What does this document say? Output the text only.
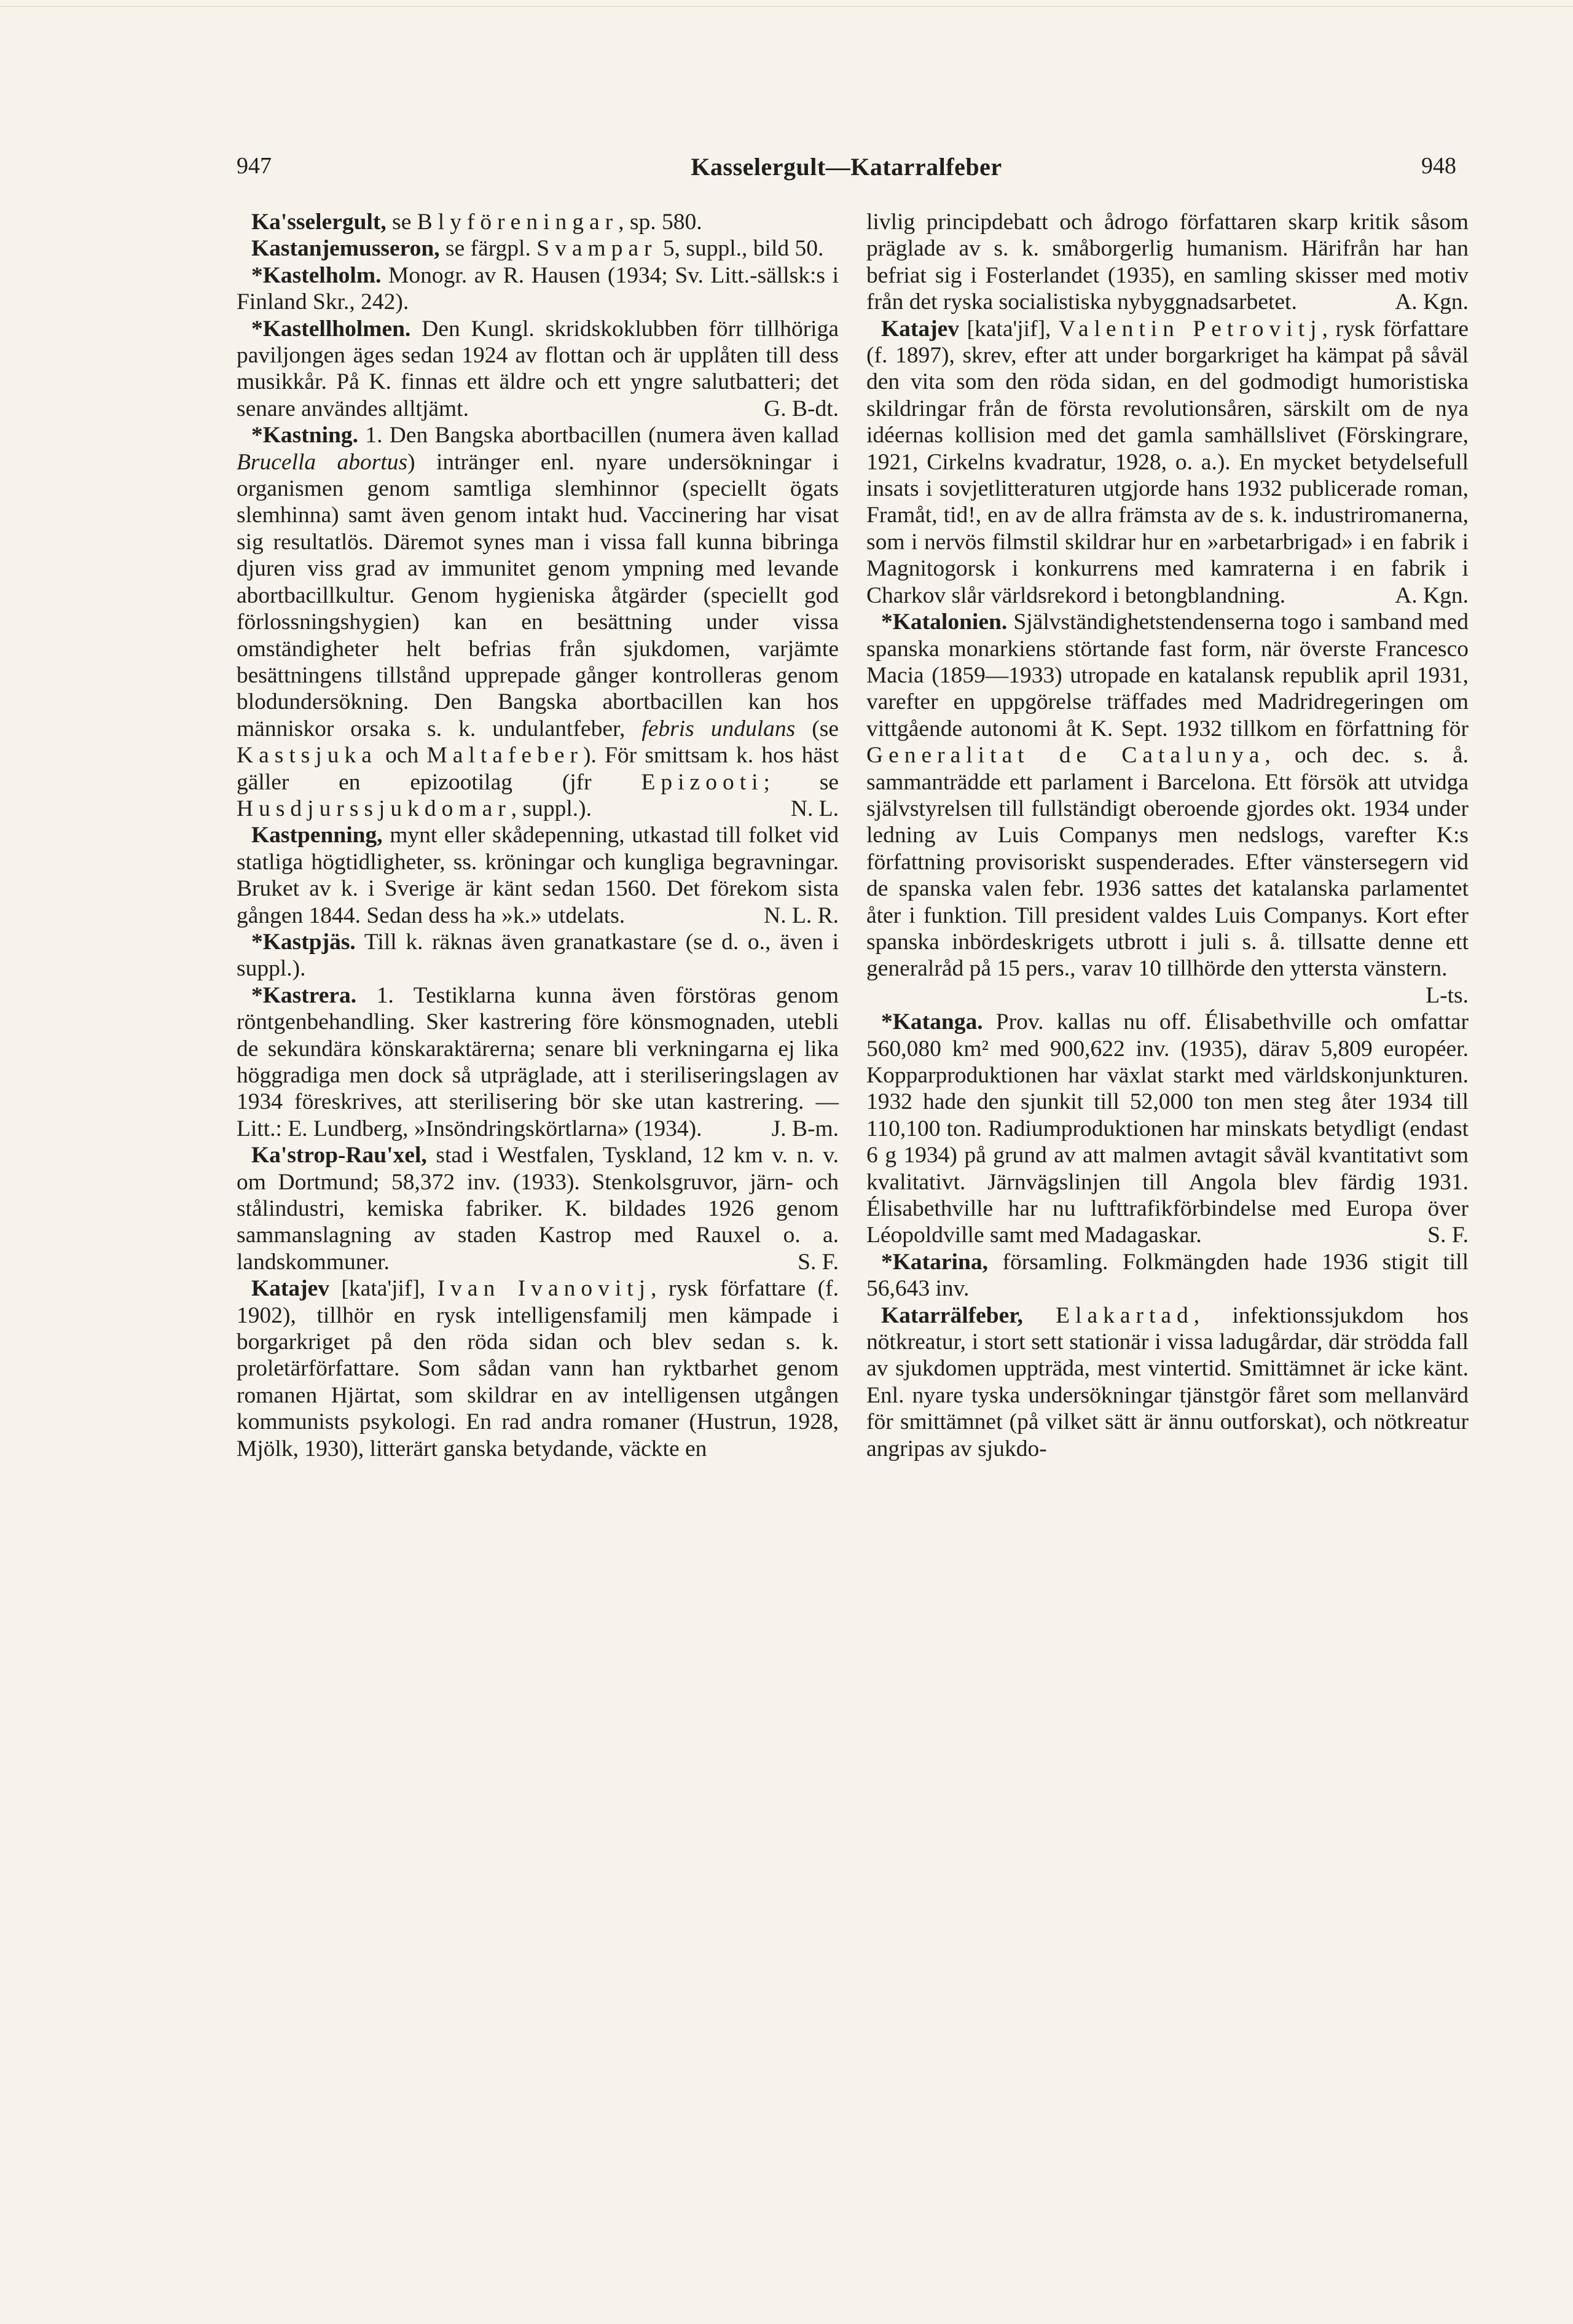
947	Kasselergult—Katarralfeber	948

Ka'sselergult, se Blyföreningar, sp. 580.

Kastanjemusseron, se färgpl. Svampar 5, suppl., bild 50.

*Kastelholm. Monogr. av R. Hausen (1934; Sv. Litt.-sällsk:s i Finland Skr., 242).

*Kastellholmen. Den Kungl. skridskoklubben förr tillhöriga paviljongen äges sedan 1924 av flottan och är upplåten till dess musikkår. På K. finnas ett äldre och ett yngre salutbatteri; det senare användes alltjämt.	G. B-dt.

*Kastning. 1. Den Bangska abortbacillen (numera även kallad Brucella abortus) intränger enl. nyare undersökningar i organismen genom samtliga slemhinnor (speciellt ögats slemhinna) samt även genom intakt hud. Vaccinering har visat sig resultatlös. Däremot synes man i vissa fall kunna bibringa djuren viss grad av immunitet genom ympning med levande abortbacillkultur. Genom hygieniska åtgärder (speciellt god förlossningshygien) kan en besättning under vissa omständigheter helt befrias från sjukdomen, varjämte besättningens tillstånd upprepade gånger kontrolleras genom blodundersökning. Den Bangska abortbacillen kan hos människor orsaka s. k. undulantfeber, febris undulans (se Kastsjuka och Maltafeber). För smittsam k. hos häst gäller en epizootilag (jfr Epizooti; se Husdjurssjukdomar, suppl.).	N. L.

Kastpenning, mynt eller skådepenning, utkastad till folket vid statliga högtidligheter, ss. kröningar och kungliga begravningar. Bruket av k. i Sverige är känt sedan 1560. Det förekom sista gången 1844. Sedan dess ha »k.» utdelats.	N. L. R.

*Kastpjäs. Till k. räknas även granatkastare (se d. o., även i suppl.).

*Kastrera. 1. Testiklarna kunna även förstöras genom röntgenbehandling. Sker kastrering före könsmognaden, utebli de sekundära könskaraktärerna; senare bli verkningarna ej lika höggradiga men dock så utpräglade, att i steriliseringslagen av 1934 föreskrives, att sterilisering bör ske utan kastrering. — Litt.: E. Lundberg, »Insöndringskörtlarna» (1934).	J. B-m.

Ka'strop-Rau'xel, stad i Westfalen, Tyskland, 12 km v. n. v. om Dortmund; 58,372 inv. (1933). Stenkolsgruvor, järn- och stålindustri, kemiska fabriker. K. bildades 1926 genom sammanslagning av staden Kastrop med Rauxel o. a. landskommuner.	S. F.

Katajev [kata'jif], Ivan Ivanovitj, rysk författare (f. 1902), tillhör en rysk intelligensfamilj men kämpade i borgarkriget på den röda sidan och blev sedan s. k. proletärförfattare. Som sådan vann han ryktbarhet genom romanen Hjärtat, som skildrar en av intelligensen utgången kommunists psykologi. En rad andra romaner (Hustrun, 1928, Mjölk, 1930), litterärt ganska betydande, väckte en

livlig principdebatt och ådrogo författaren skarp kritik såsom präglade av s. k. småborgerlig humanism. Härifrån har han befriat sig i Fosterlandet (1935), en samling skisser med motiv från det ryska socialistiska nybyggnadsarbetet.	A. Kgn.

Katajev [kata'jif], Valentin Petrovitj, rysk författare (f. 1897), skrev, efter att under borgarkriget ha kämpat på såväl den vita som den röda sidan, en del godmodigt humoristiska skildringar från de första revolutionsåren, särskilt om de nya idéernas kollision med det gamla samhällslivet (Förskingrare, 1921, Cirkelns kvadratur, 1928, o. a.). En mycket betydelsefull insats i sovjetlitteraturen utgjorde hans 1932 publicerade roman, Framåt, tid!, en av de allra främsta av de s. k. industriromanerna, som i nervös filmstil skildrar hur en »arbetarbrigad» i en fabrik i Magnitogorsk i konkurrens med kamraterna i en fabrik i Charkov slår världsrekord i betongblandning.	A. Kgn.

*Katalonien. Självständighetstendenserna togo i samband med spanska monarkiens störtande fast form, när överste Francesco Macia (1859—1933) utropade en katalansk republik april 1931, varefter en uppgörelse träffades med Madridregeringen om vittgående autonomi åt K. Sept. 1932 tillkom en författning för Generalitat de Catalunya, och dec. s. å. sammanträdde ett parlament i Barcelona. Ett försök att utvidga självstyrelsen till fullständigt oberoende gjordes okt. 1934 under ledning av Luis Companys men nedslogs, varefter K:s författning provisoriskt suspenderades. Efter vänstersegern vid de spanska valen febr. 1936 sattes det katalanska parlamentet åter i funktion. Till president valdes Luis Companys. Kort efter spanska inbördeskrigets utbrott i juli s. å. tillsatte denne ett generalråd på 15 pers., varav 10 tillhörde den yttersta vänstern.
L-ts.

*Katanga. Prov. kallas nu off. Élisabethville och omfattar 560,080 km² med 900,622 inv. (1935), därav 5,809 européer. Kopparproduktionen har växlat starkt med världskonjunkturen. 1932 hade den sjunkit till 52,000 ton men steg åter 1934 till 110,100 ton. Radiumproduktionen har minskats betydligt (endast 6 g 1934) på grund av att malmen avtagit såväl kvantitativt som kvalitativt. Järnvägslinjen till Angola blev färdig 1931. Élisabethville har nu lufttrafikförbindelse med Europa över Léopoldville samt med Madagaskar.	S. F.

*Katarina, församling. Folkmängden hade 1936 stigit till 56,643 inv.

Katarrälfeber, Elakartad, infektionssjukdom hos nötkreatur, i stort sett stationär i vissa ladugårdar, där strödda fall av sjukdomen uppträda, mest vintertid. Smittämnet är icke känt. Enl. nyare tyska undersökningar tjänstgör fåret som mellanvärd för smittämnet (på vilket sätt är ännu outforskat), och nötkreatur angripas av sjukdo-
